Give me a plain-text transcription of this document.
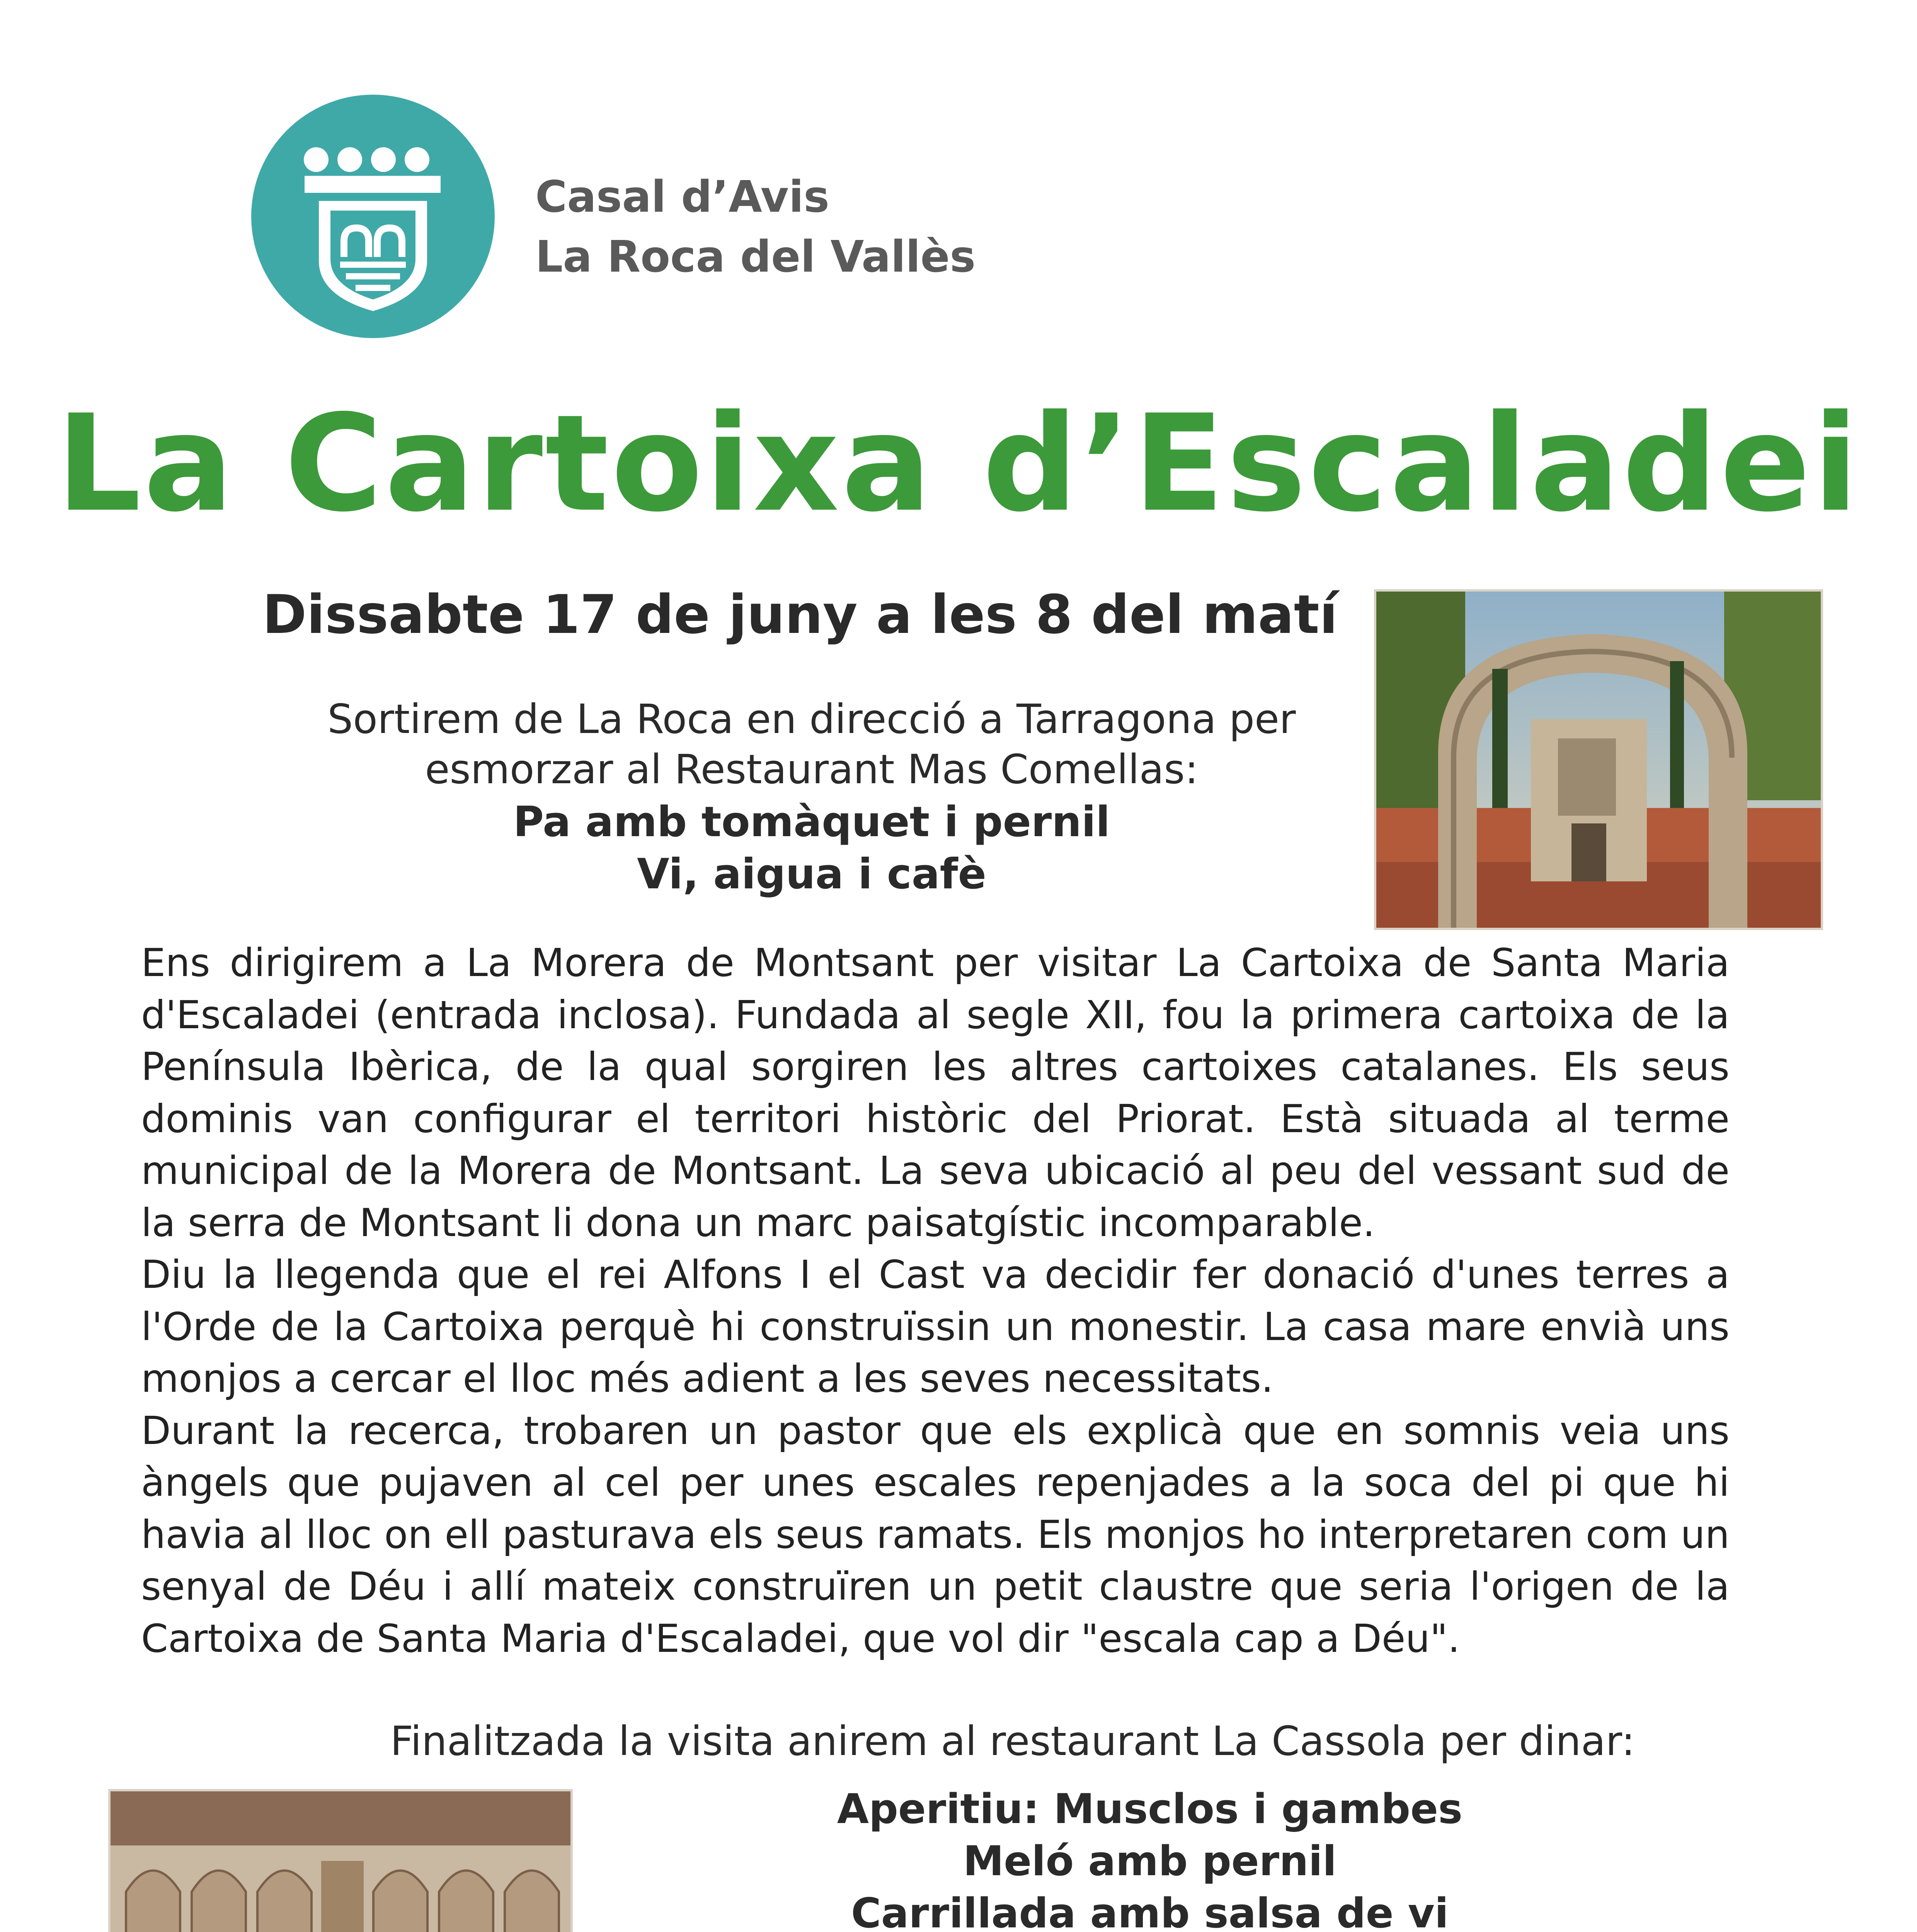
Casal d’Avis
La Roca del Vallès
La Cartoixa d’Escaladei
Dissabte 17 de juny a les 8 del matí
Sortirem de La Roca en direcció a Tarragona per
esmorzar al Restaurant Mas Comellas:
Pa amb tomàquet i pernil
Vi, aigua i cafè

Ens dirigirem a La Morera de Montsant per visitar La Cartoixa de Santa Maria d'Escaladei (entrada inclosa). Fundada al segle XII, fou la primera cartoixa de la Península Ibèrica, de la qual sorgiren les altres cartoixes catalanes. Els seus dominis van configurar el territori històric del Priorat. Està situada al terme municipal de la Morera de Montsant. La seva ubicació al peu del vessant sud de la serra de Montsant li dona un marc paisatgístic incomparable.

Diu la llegenda que el rei Alfons I el Cast va decidir fer donació d'unes terres a l'Orde de la Cartoixa perquè hi construïssin un monestir. La casa mare envià uns monjos a cercar el lloc més adient a les seves necessitats.

Durant la recerca, trobaren un pastor que els explicà que en somnis veia uns àngels que pujaven al cel per unes escales repenjades a la soca del pi que hi havia al lloc on ell pasturava els seus ramats. Els monjos ho interpretaren com un senyal de Déu i allí mateix construïren un petit claustre que seria l'origen de la Cartoixa de Santa Maria d'Escaladei, que vol dir "escala cap a Déu".

Finalitzada la visita anirem al restaurant La Cassola per dinar:
Aperitiu: Musclos i gambes
Meló amb pernil
Carrillada amb salsa de vi
